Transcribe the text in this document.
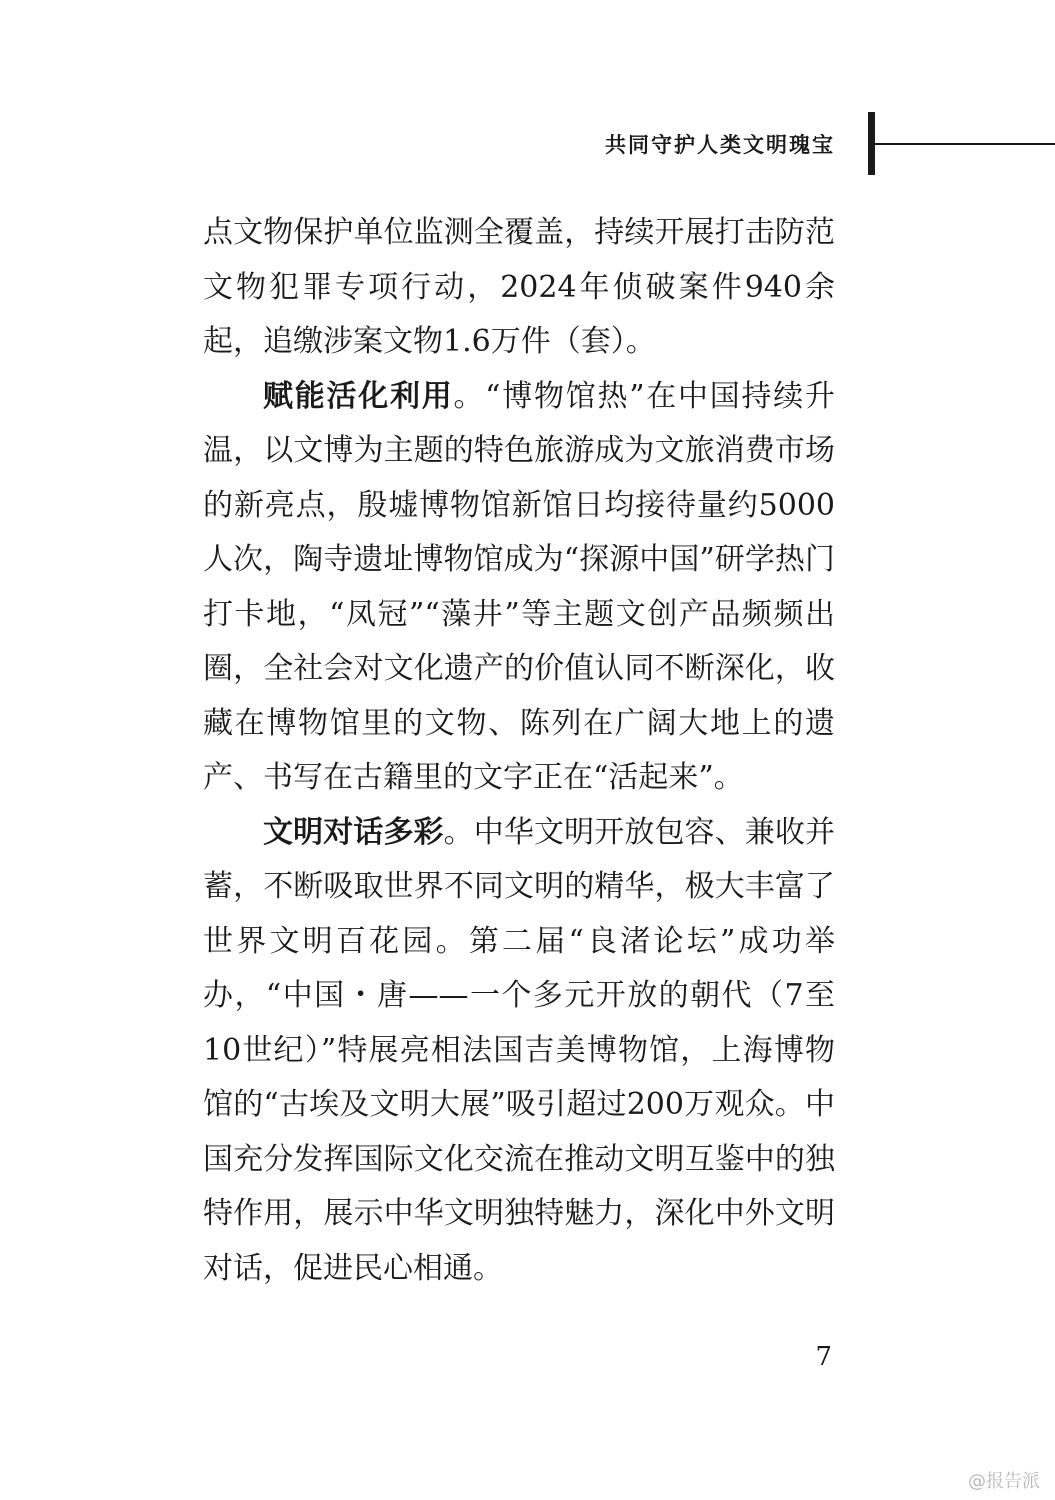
共同守护人类文明瑰宝

点文物保护单位监测全覆盖，持续开展打击防范文物犯罪专项行动，2024年侦破案件940余起，追缴涉案文物1.6万件（套）。

赋能活化利用。“博物馆热”在中国持续升温，以文博为主题的特色旅游成为文旅消费市场的新亮点，殷墟博物馆新馆日均接待量约5000人次，陶寺遗址博物馆成为“探源中国”研学热门打卡地，“凤冠”“藻井”等主题文创产品频频出圈，全社会对文化遗产的价值认同不断深化，收藏在博物馆里的文物、陈列在广阔大地上的遗产、书写在古籍里的文字正在“活起来”。

文明对话多彩。中华文明开放包容、兼收并蓄，不断吸取世界不同文明的精华，极大丰富了世界文明百花园。第二届“良渚论坛”成功举办，“中国・唐——一个多元开放的朝代（7至10世纪）”特展亮相法国吉美博物馆，上海博物馆的“古埃及文明大展”吸引超过200万观众。中国充分发挥国际文化交流在推动文明互鉴中的独特作用，展示中华文明独特魅力，深化中外文明对话，促进民心相通。

7
@报告派
